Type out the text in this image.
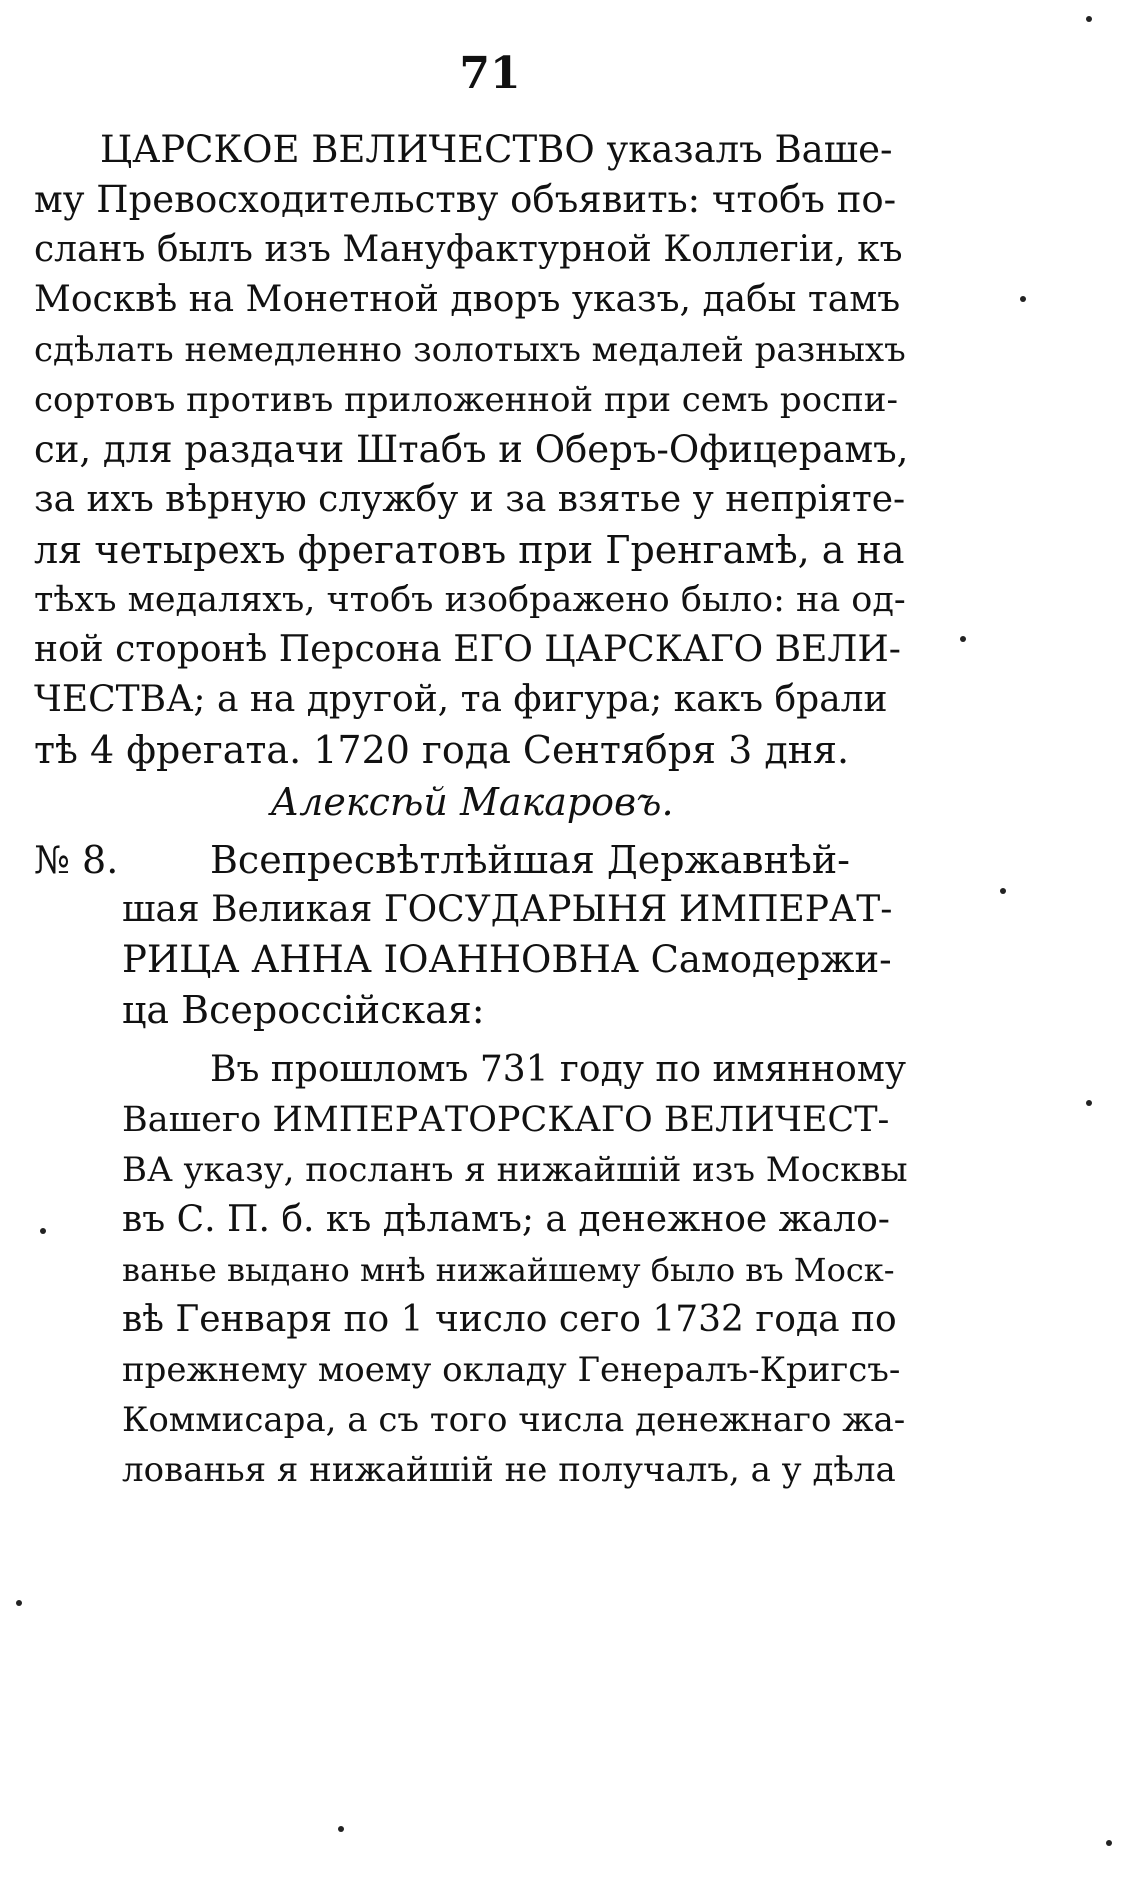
71
ЦАРСКОЕ ВЕЛИЧЕСТВО указалъ Вашe-
му Превосходительству объявить: чтобъ по-
сланъ былъ изъ Мануфактурной Коллегiи, къ
Москвѣ на Монетной дворъ указъ, дабы тамъ
сдѣлать немедленно золотыхъ медалей разныхъ
сортовъ противъ приложенной при семъ роспи-
си, для раздачи Штабъ и Оберъ-Офицерамъ,
за ихъ вѣрную службу и за взятье у непрiяте-
ля четырехъ фрегатовъ при Гренгамѣ, а на
тѣхъ медаляхъ, чтобъ изображено было: на од-
ной сторонѣ Персона ЕГО ЦАРСКАГО ВЕЛИ-
ЧЕСТВА; а на другой, та фигура; какъ брали
тѣ 4 фрегата. 1720 года Сентября 3 дня.
Алексѣй Макаровъ.
№ 8.	Всепресвѣтлѣйшая Державнѣй-
шая Великая ГОСУДАРЫНЯ ИМПЕРАТ-
РИЦА АННА IОАННОВНА Самодержи-
ца Всероссiйская:
Въ прошломъ 731 году по имянному
Вашего ИМПЕРАТОРСКАГО ВЕЛИЧЕСТ-
ВА указу, посланъ я нижайшiй изъ Москвы
въ С. П. б. къ дѣламъ; а денежное жало-
ванье выдано мнѣ нижайшему было въ Моск-
вѣ Генваря по 1 число сего 1732 года по
прежнему моему окладу Генералъ-Кригсъ-
Коммисара, а съ того числа денежнаго жа-
лованья я нижайшiй не получалъ, а у дѣла
